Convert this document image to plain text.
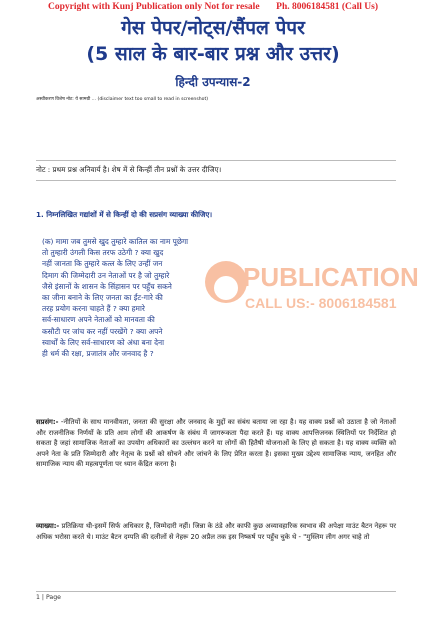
Copyright with Kunj Publication only Not for resale Ph. 8006184581 (Call Us)
गेस पेपर/नोट्स/सैंपल पेपर
(5 साल के बार-बार प्रश्न और उत्तर)
हिन्दी उपन्यास-2
अस्वीकरण विशेष नोट: ये सामग्री ... (disclaimer text too small to read in screenshot)
नोट : प्रथम प्रश्न अनिवार्य है। शेष में से किन्हीं तीन प्रश्नों के उत्तर दीजिए।
1. निम्नलिखित गद्यांशों में से किन्हीं दो की सप्रसंग व्याख्या कीजिए।
PUBLICATION
CALL US:- 8006184581
(क) मामा जब तुमसे खुद तुम्हारे कातिल का नाम पूछेगा
तो तुम्हारी उंगली किस तरफ उठेगी ? क्या खुद
नहीं जानता कि तुम्हारे कत्ल के लिए उन्हीं जन
दिमाग की जिम्मेदारी उन नेताओं पर है जो तुम्हारे
जैसे इंसानों के शासन के सिंहासन पर पहुँच सकने
का जीना बनाने के लिए जनता का ईंट-गारे की
तरह प्रयोग करना चाहते हैं ? क्या हमारे
सर्व-साधारण अपने नेताओं को मानवता की
कसौटी पर जांच कर नहीं परखेंगे ? क्या अपने
स्वार्थों के लिए सर्व-साधारण को अंधा बना देना
ही धर्म की रक्षा, प्रजातंत्र और जनवाद है ?
सप्रसंग:- -नीतियों के साथ मानवीयता, जनता की सुरक्षा और जनवाद के मुद्दों का संबंध बताया जा रहा है। यह वाक्य प्रश्नों को उठाता है जो नेताओं और राजनीतिक निर्णयों के प्रति आम लोगों की आकर्षण के संबंध में जागरूकता पैदा करते हैं। यह वाक्य आपत्तिजनक स्थितियों पर निर्देशित हो सकता है जहां सामाजिक नेताओं का उपयोग अधिकारों का उल्लंघन करने या लोगों की हितैषी योजनाओं के लिए हो सकता है। यह वाक्य व्यक्ति को अपने नेता के प्रति जिम्मेदारी और नेतृत्व के प्रश्नों को सोचने और जांचने के लिए प्रेरित करता है। इसका मुख्य उद्देश्य सामाजिक न्याय, जनहित और सामाजिक न्याय की महत्वपूर्णता पर ध्यान केंद्रित करना है।
व्याख्या:- प्रतिक्रिया थी-इसमें सिर्फ अधिकार है, जिम्मेदारी नहीं। जिन्ना के ठंडे और काफी कुछ अव्यावहारिक स्वभाव की अपेक्षा माउंट बैटन नेहरू पर अधिक भरोसा करते थे। माउंट बैटन दम्पति की दलीलों से नेहरू 20 अप्रैल तक इस निष्कर्ष पर पहुँच चुके थे - "मुस्लिम लीग अगर चाहे तो
1 | Page
